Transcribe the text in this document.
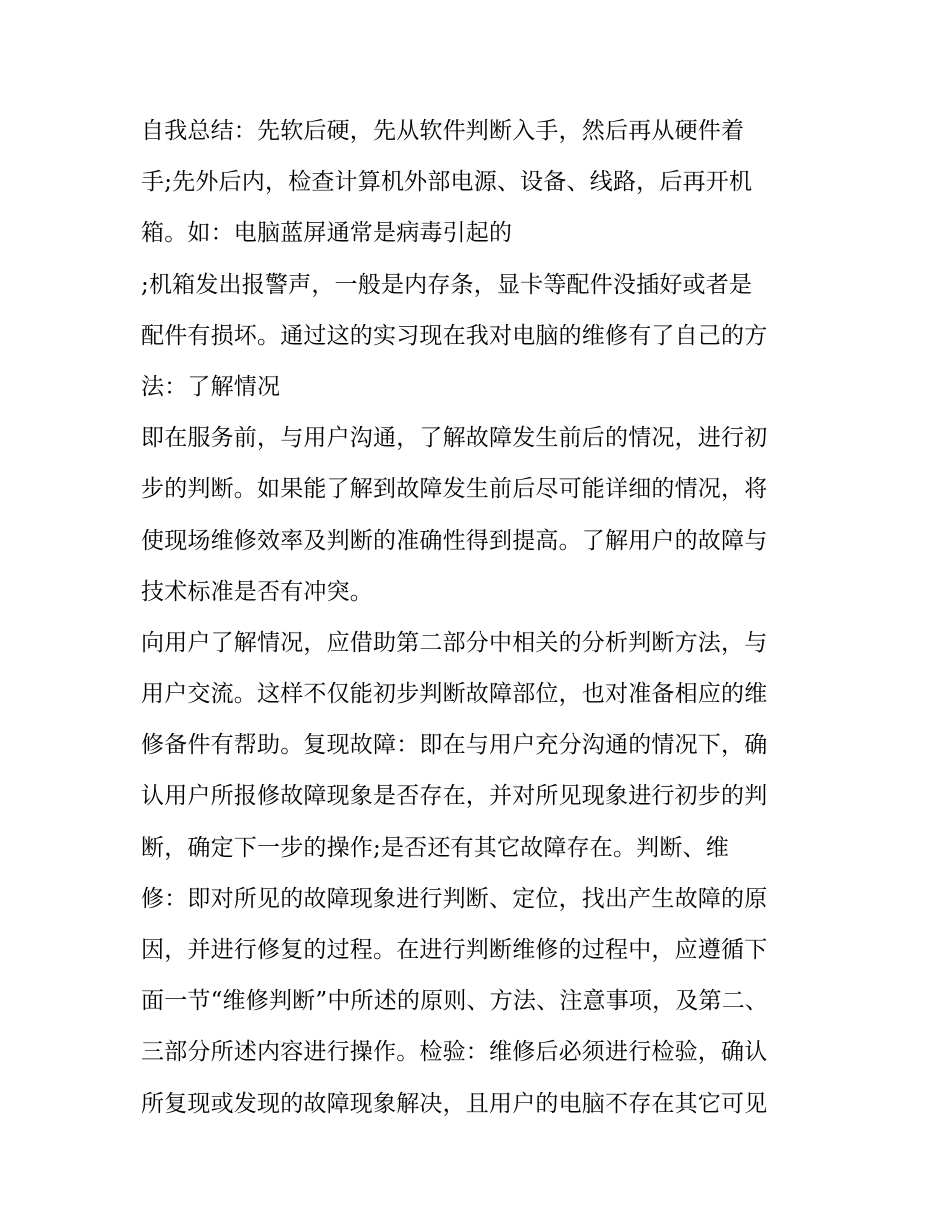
自我总结：先软后硬，先从软件判断入手，然后再从硬件着
手;先外后内，检查计算机外部电源、设备、线路，后再开机
箱。如：电脑蓝屏通常是病毒引起的
;机箱发出报警声，一般是内存条，显卡等配件没插好或者是
配件有损坏。通过这的实习现在我对电脑的维修有了自己的方
法：了解情况
即在服务前，与用户沟通，了解故障发生前后的情况，进行初
步的判断。如果能了解到故障发生前后尽可能详细的情况，将
使现场维修效率及判断的准确性得到提高。了解用户的故障与
技术标准是否有冲突。
向用户了解情况，应借助第二部分中相关的分析判断方法，与
用户交流。这样不仅能初步判断故障部位，也对准备相应的维
修备件有帮助。复现故障：即在与用户充分沟通的情况下，确
认用户所报修故障现象是否存在，并对所见现象进行初步的判
断，确定下一步的操作;是否还有其它故障存在。判断、维
修：即对所见的故障现象进行判断、定位，找出产生故障的原
因，并进行修复的过程。在进行判断维修的过程中，应遵循下
面一节“维修判断”中所述的原则、方法、注意事项，及第二、
三部分所述内容进行操作。检验：维修后必须进行检验，确认
所复现或发现的故障现象解决，且用户的电脑不存在其它可见
